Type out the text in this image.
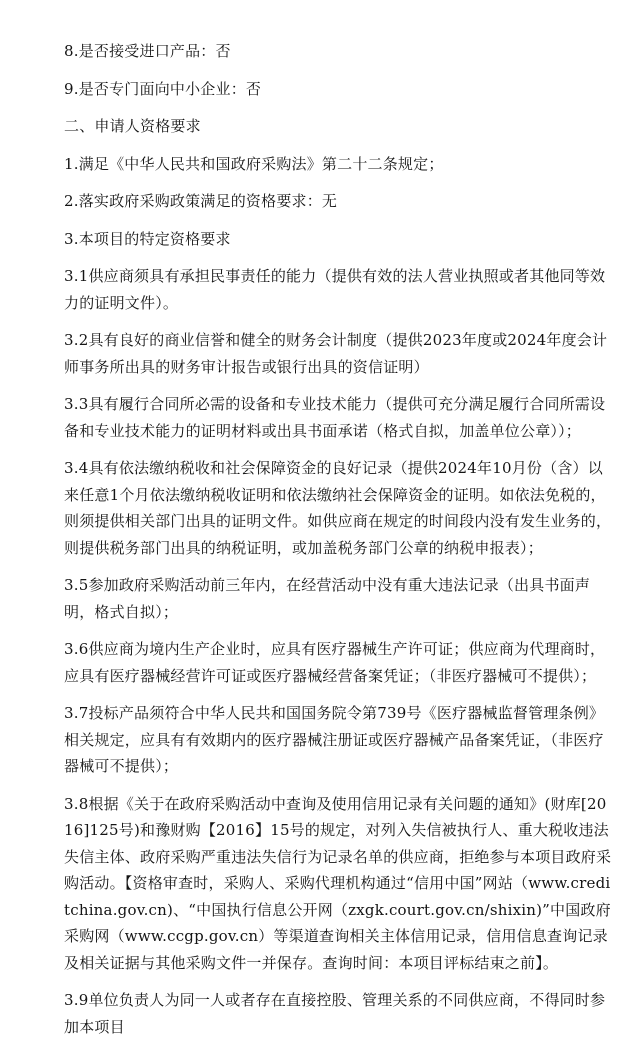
8.是否接受进口产品：否

9.是否专门面向中小企业：否

二、申请人资格要求

1.满足《中华人民共和国政府采购法》第二十二条规定；

2.落实政府采购政策满足的资格要求：无

3.本项目的特定资格要求

3.1供应商须具有承担民事责任的能力（提供有效的法人营业执照或者其他同等效力的证明文件）。

3.2具有良好的商业信誉和健全的财务会计制度（提供2023年度或2024年度会计师事务所出具的财务审计报告或银行出具的资信证明）

3.3具有履行合同所必需的设备和专业技术能力（提供可充分满足履行合同所需设备和专业技术能力的证明材料或出具书面承诺（格式自拟，加盖单位公章））；

3.4具有依法缴纳税收和社会保障资金的良好记录（提供2024年10月份（含）以来任意1个月依法缴纳税收证明和依法缴纳社会保障资金的证明。如依法免税的，则须提供相关部门出具的证明文件。如供应商在规定的时间段内没有发生业务的，则提供税务部门出具的纳税证明，或加盖税务部门公章的纳税申报表）；

3.5参加政府采购活动前三年内，在经营活动中没有重大违法记录（出具书面声明，格式自拟）；

3.6供应商为境内生产企业时，应具有医疗器械生产许可证；供应商为代理商时，应具有医疗器械经营许可证或医疗器械经营备案凭证；（非医疗器械可不提供）；

3.7投标产品须符合中华人民共和国国务院令第739号《医疗器械监督管理条例》相关规定，应具有有效期内的医疗器械注册证或医疗器械产品备案凭证，（非医疗器械可不提供）；

3.8根据《关于在政府采购活动中查询及使用信用记录有关问题的通知》(财库[2016]125号)和豫财购【2016】15号的规定，对列入失信被执行人、重大税收违法失信主体、政府采购严重违法失信行为记录名单的供应商，拒绝参与本项目政府采购活动。【资格审查时，采购人、采购代理机构通过“信用中国”网站（www.creditchina.gov.cn)、“中国执行信息公开网（zxgk.court.gov.cn/shixin)”中国政府采购网（www.ccgp.gov.cn）等渠道查询相关主体信用记录，信用信息查询记录及相关证据与其他采购文件一并保存。查询时间：本项目评标结束之前】。

3.9单位负责人为同一人或者存在直接控股、管理关系的不同供应商，不得同时参加本项目
